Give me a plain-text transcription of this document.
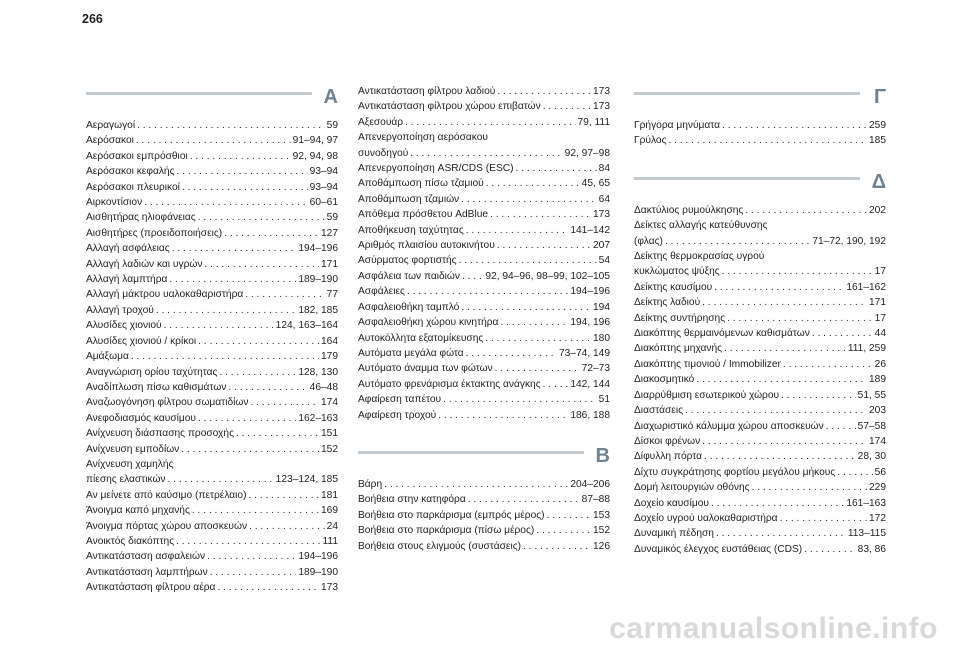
266
Α
Αεραγωγοί . . .	59
Αερόσακοι . . .	91–94, 97
Αερόσακοι εμπρόσθιοι . . .	92, 94, 98
Αερόσακοι κεφαλής . . .	93–94
Αερόσακοι πλευρικοί . . .	93–94
Αιρκοντίσιον . . .	60–61
Αισθητήρας ηλιοφάνειας . . .	59
Αισθητήρες (προειδοποιήσεις) . . .	127
Αλλαγή ασφάλειας . . .	194–196
Αλλαγή λαδιών και υγρών . . .	171
Αλλαγή λαμπτήρα . . .	189–190
Αλλαγή μάκτρου υαλοκαθαριστήρα . . .	77
Αλλαγή τροχού . . .	182, 185
Αλυσίδες χιονιού . . .	124, 163–164
Αλυσίδες χιονιού / κρίκοι . . .	164
Αμάξωμα . . .	179
Αναγνώριση ορίου ταχύτητας . . .	128, 130
Αναδίπλωση πίσω καθισμάτων . . .	46–48
Αναζωογόνηση φίλτρου σωματιδίων . . .	174
Ανεφοδιασμός καυσίμου . . .	162–163
Ανίχνευση διάσπασης προσοχής . . .	151
Ανίχνευση εμποδίων . . .	152
Ανίχνευση χαμηλής
πίεσης ελαστικών . . .	123–124, 185
Αν μείνετε από καύσιμο (πετρέλαιο) . . .	181
Άνοιγμα καπό μηχανής . . .	169
Άνοιγμα πόρτας χώρου αποσκευών . . .	24
Ανοικτός διακόπτης . . .	111
Αντικατάσταση ασφαλειών . . .	194–196
Αντικατάσταση λαμπτήρων . . .	189–190
Αντικατάσταση φίλτρου αέρα . . .	173
Αντικατάσταση φίλτρου λαδιού . . .	173
Αντικατάσταση φίλτρου χώρου επιβατών . . .	173
Αξεσουάρ . . .	79, 111
Απενεργοποίηση αερόσακου
συνοδηγού . . .	92, 97–98
Απενεργοποίηση ASR/CDS (ESC) . . .	84
Αποθάμπωση πίσω τζαμιού . . .	45, 65
Αποθάμπωση τζαμιών . . .	64
Απόθεμα πρόσθετου AdBlue . . .	173
Αποθήκευση ταχύτητας . . .	141–142
Αριθμός πλαισίου αυτοκινήτου . . .	207
Ασύρματος φορτιστής . . .	54
Ασφάλεια των παιδιών . . . 92, 94–96, 98–99, 102–105
Ασφάλειες . . .	194–196
Ασφαλειοθήκη ταμπλό . . .	194
Ασφαλειοθήκη χώρου κινητήρα . . .	194, 196
Αυτοκόλλητα εξατομίκευσης . . .	180
Αυτόματα μεγάλα φώτα . . .	73–74, 149
Αυτόματο άναμμα των φώτων . . .	72–73
Αυτόματο φρενάρισμα έκτακτης ανάγκης . . .	142, 144
Αφαίρεση ταπέτου . . .	51
Αφαίρεση τροχού . . .	186, 188
Β
Βάρη . . .	204–206
Βοήθεια στην κατηφόρα . . .	87–88
Βοήθεια στο παρκάρισμα (εμπρός μέρος) . . .	153
Βοήθεια στο παρκάρισμα (πίσω μέρος) . . .	152
Βοήθεια στους ελιγμούς (συστάσεις) . . .	126
Γ
Γρήγορα μηνύματα . . .	259
Γρύλος . . .	185
Δ
Δακτύλιος ρυμούλκησης . . .	202
Δείκτες αλλαγής κατεύθυνσης
(φλας) . . .	71–72, 190, 192
Δείκτης θερμοκρασίας υγρού
κυκλώματος ψύξης . . .	17
Δείκτης καυσίμου . . .	161–162
Δείκτης λαδιού . . .	171
Δείκτης συντήρησης . . .	17
Διακόπτης θερμαινόμενων καθισμάτων . . .	44
Διακόπτης μηχανής . . .	111, 259
Διακόπτης τιμονιού / Immobilizer . . .	26
Διακοσμητικό . . .	189
Διαρρύθμιση εσωτερικού χώρου . . .	51, 55
Διαστάσεις . . .	203
Διαχωριστικό κάλυμμα χώρου αποσκευών . . .	57–58
Δίσκοι φρένων . . .	174
Δίφυλλη πόρτα . . .	28, 30
Δίχτυ συγκράτησης φορτίου μεγάλου μήκους . . .	56
Δομή λειτουργιών οθόνης . . .	229
Δοχείο καυσίμου . . .	161–163
Δοχείο υγρού υαλοκαθαριστήρα . . .	172
Δυναμική πέδηση . . .	113–115
Δυναμικός έλεγχος ευστάθειας (CDS) . . .	83, 86
carmanualsonline.info
